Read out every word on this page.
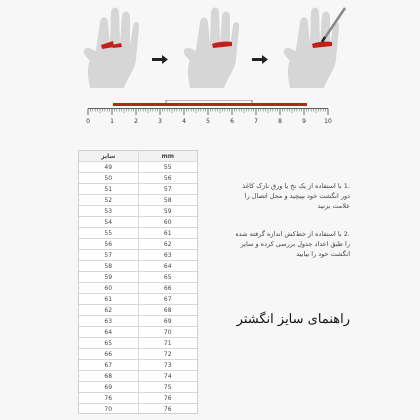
0	1	2	3	4	5	6	7	8	9	10
سایز	mm
49	55
50	56
51	57
52	58
53	59
54	60
55	61
56	62
57	63
58	64
59	65
60	66
61	67
62	68
63	69
64	70
65	71
66	72
67	73
68	74
69	75
76	76
70	76
.1 با استفاده از یک نخ یا ورق نازک کاغذ دور انگشت خود بپیچید و محل اتصال را علامت بزنید
.2 با استفاده از خط‌کش اندازه گرفته شده را طبق اعداد جدول بررسی کرده و سایز انگشت خود را بیابید
راهنمای سایز انگشتر
